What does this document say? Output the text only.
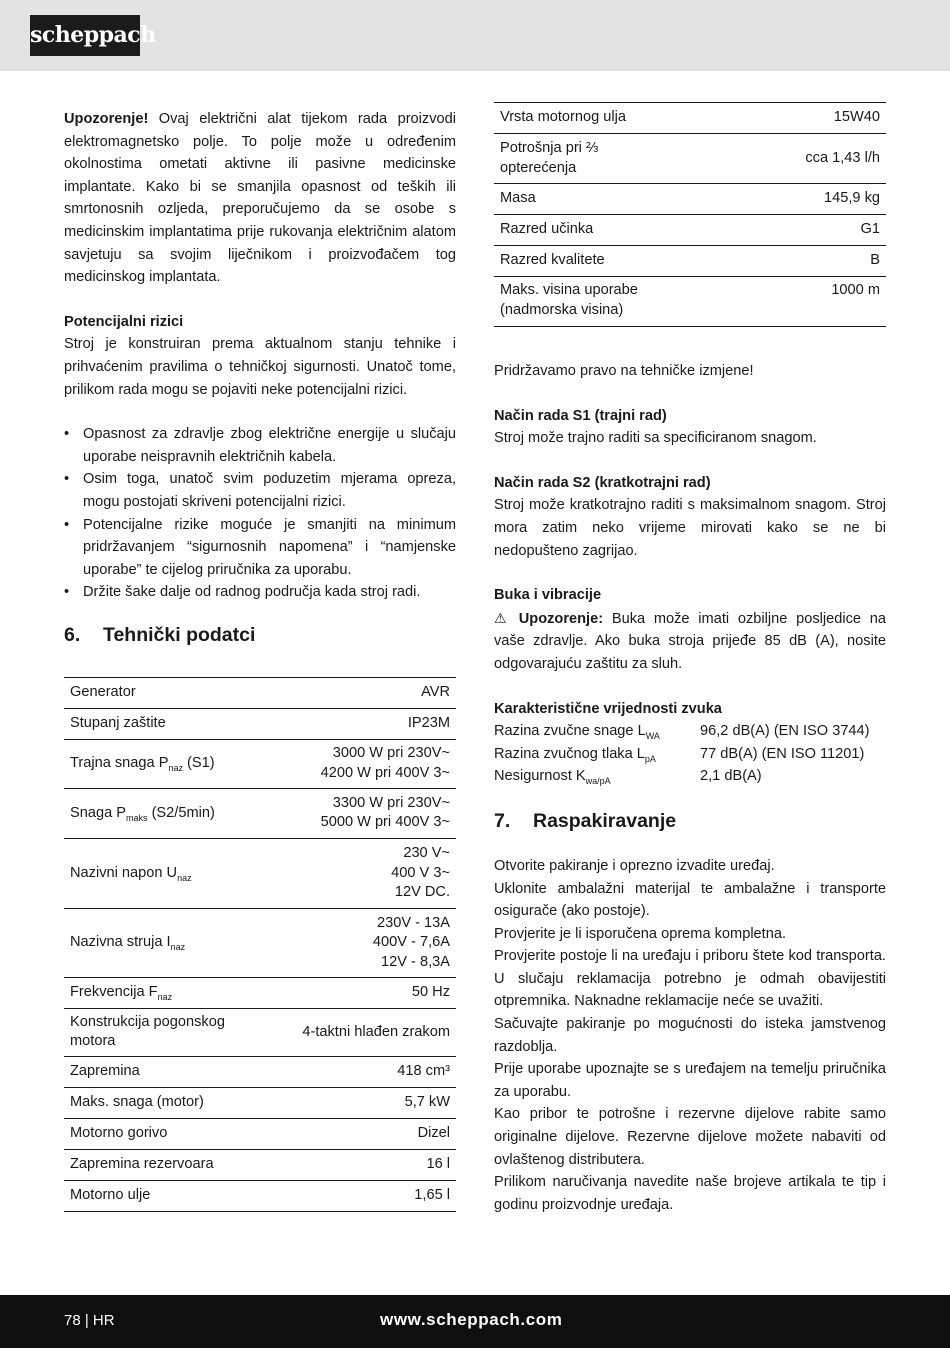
scheppach

Upozorenje! Ovaj električni alat tijekom rada proizvodi elektromagnetsko polje. To polje može u određenim okolnostima ometati aktivne ili pasivne medicinske implantate. Kako bi se smanjila opasnost od teških ili smrtonosnih ozljeda, preporučujemo da se osobe s medicinskim implantatima prije rukovanja električnim alatom savjetuju sa svojim liječnikom i proizvođačem tog medicinskog implantata.

Potencijalni rizici

Stroj je konstruiran prema aktualnom stanju tehnike i prihvaćenim pravilima o tehničkoj sigurnosti. Unatoč tome, prilikom rada mogu se pojaviti neke potencijalni rizici.

• Opasnost za zdravlje zbog električne energije u slučaju uporabe neispravnih električnih kabela.
• Osim toga, unatoč svim poduzetim mjerama opreza, mogu postojati skriveni potencijalni rizici.
• Potencijalne rizike moguće je smanjiti na minimum pridržavanjem “sigurnosnih napomena” i “namjenske uporabe” te cijelog priručnika za uporabu.
• Držite šake dalje od radnog područja kada stroj radi.
6.	Tehnički podatci
Generator	AVR
Stupanj zaštite	IP23M
Trajna snaga $P_{naz}$ (S1)	3000 W pri 230V~
4200 W pri 400V 3~

Snaga $P_{maks}$ (S2/5min)	3300 W pri 230V~
5000 W pri 400V 3~

Nazivni napon $U_{naz}$	230 V~
400 V 3~
12V DC.

Nazivna struja $I_{naz}$	230V - 13A
400V - 7,6A
12V - 8,3A

Frekvencija $F_{naz}$	50 Hz
Konstrukcija pogonskog motora	4-taktni hlađen zrakom
Zapremina	418 cm³
Maks. snaga (motor)	5,7 kW
Motorno gorivo	Dizel
Zapremina rezervoara	16 l
Motorno ulje	1,65 l
Vrsta motornog ulja	15W40
Potrošnja pri ⅔ opterećenja	cca 1,43 l/h
Masa	145,9 kg
Razred učinka	G1
Razred kvalitete	B
Maks. visina uporabe (nadmorska visina)	1000 m

Pridržavamo pravo na tehničke izmjene!

Način rada S1 (trajni rad)

Stroj može trajno raditi sa specificiranom snagom.

Način rada S2 (kratkotrajni rad)

Stroj može kratkotrajno raditi s maksimalnom snagom. Stroj mora zatim neko vrijeme mirovati kako se ne bi nedopušteno zagrijao.

Buka i vibracije

⚠ Upozorenje: Buka može imati ozbiljne posljedice na vaše zdravlje. Ako buka stroja prijeđe 85 dB (A), nosite odgovarajuću zaštitu za sluh.

Karakteristične vrijednosti zvuka

Razina zvučne snage $L_{WA}$	96,2 dB(A) (EN ISO 3744)
Razina zvučnog tlaka $L_{pA}$	77 dB(A) (EN ISO 11201)
Nesigurnost $K_{wa/pA}$	2,1 dB(A)
7.	Raspakiravanje

Otvorite pakiranje i oprezno izvadite uređaj.

Uklonite ambalažni materijal te ambalažne i transporte osigurače (ako postoje).

Provjerite je li isporučena oprema kompletna.

Provjerite postoje li na uređaju i priboru štete kod transporta. U slučaju reklamacija potrebno je odmah obavijestiti otpremnika. Naknadne reklamacije neće se uvažiti.

Sačuvajte pakiranje po mogućnosti do isteka jamstvenog razdoblja.

Prije uporabe upoznajte se s uređajem na temelju priručnika za uporabu.

Kao pribor te potrošne i rezervne dijelove rabite samo originalne dijelove. Rezervne dijelove možete nabaviti od ovlaštenog distributera.

Prilikom naručivanja navedite naše brojeve artikala te tip i godinu proizvodnje uređaja.

78 | HR	www.scheppach.com
